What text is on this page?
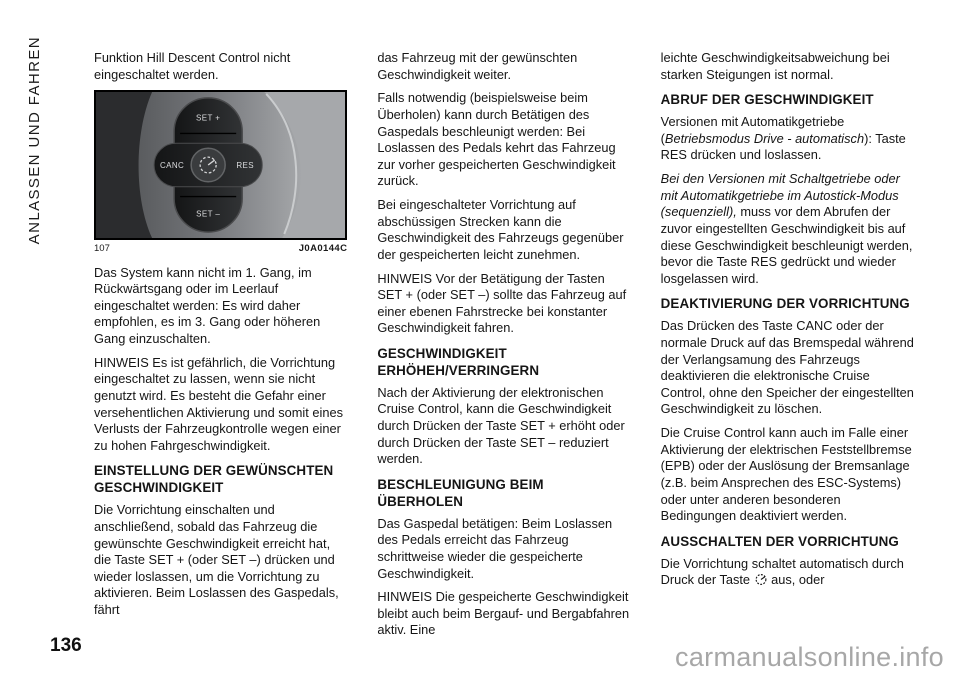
ANLASSEN UND FAHREN	Funktion Hill Descent Control nicht eingeschaltet werden.

SET +
CANC	RES
SET –
107	J0A0144C

Das System kann nicht im 1. Gang, im Rückwärtsgang oder im Leerlauf eingeschaltet werden: Es wird daher empfohlen, es im 3. Gang oder höheren Gang einzuschalten.

HINWEIS Es ist gefährlich, die Vorrichtung eingeschaltet zu lassen, wenn sie nicht genutzt wird. Es besteht die Gefahr einer versehentlichen Aktivierung und somit eines Verlusts der Fahrzeugkontrolle wegen einer zu hohen Fahrgeschwindigkeit.

EINSTELLUNG DER GEWÜNSCHTEN GESCHWINDIGKEIT

Die Vorrichtung einschalten und anschließend, sobald das Fahrzeug die gewünschte Geschwindigkeit erreicht hat, die Taste SET + (oder SET –) drücken und wieder loslassen, um die Vorrichtung zu aktivieren. Beim Loslassen des Gaspedals, fährt

das Fahrzeug mit der gewünschten Geschwindigkeit weiter.

Falls notwendig (beispielsweise beim Überholen) kann durch Betätigen des Gaspedals beschleunigt werden: Bei Loslassen des Pedals kehrt das Fahrzeug zur vorher gespeicherten Geschwindigkeit zurück.

Bei eingeschalteter Vorrichtung auf abschüssigen Strecken kann die Geschwindigkeit des Fahrzeugs gegenüber der gespeicherten leicht zunehmen.

HINWEIS Vor der Betätigung der Tasten SET + (oder SET –) sollte das Fahrzeug auf einer ebenen Fahrstrecke bei konstanter Geschwindigkeit fahren.

GESCHWINDIGKEIT ERHÖHEH/VERRINGERN

Nach der Aktivierung der elektronischen Cruise Control, kann die Geschwindigkeit durch Drücken der Taste SET + erhöht oder durch Drücken der Taste SET – reduziert werden.

BESCHLEUNIGUNG BEIM ÜBERHOLEN

Das Gaspedal betätigen: Beim Loslassen des Pedals erreicht das Fahrzeug schrittweise wieder die gespeicherte Geschwindigkeit.

HINWEIS Die gespeicherte Geschwindigkeit bleibt auch beim Bergauf- und Bergabfahren aktiv. Eine

leichte Geschwindigkeitsabweichung bei starken Steigungen ist normal.

ABRUF DER GESCHWINDIGKEIT

Versionen mit Automatikgetriebe (Betriebsmodus Drive - automatisch): Taste RES drücken und loslassen.

Bei den Versionen mit Schaltgetriebe oder mit Automatikgetriebe im Autostick-Modus (sequenziell), muss vor dem Abrufen der zuvor eingestellten Geschwindigkeit bis auf diese Geschwindigkeit beschleunigt werden, bevor die Taste RES gedrückt und wieder losgelassen wird.

DEAKTIVIERUNG DER VORRICHTUNG

Das Drücken des Taste CANC oder der normale Druck auf das Bremspedal während der Verlangsamung des Fahrzeugs deaktivieren die elektronische Cruise Control, ohne den Speicher der eingestellten Geschwindigkeit zu löschen.

Die Cruise Control kann auch im Falle einer Aktivierung der elektrischen Feststellbremse (EPB) oder der Auslösung der Bremsanlage (z.B. beim Ansprechen des ESC-Systems) oder unter anderen besonderen Bedingungen deaktiviert werden.

AUSSCHALTEN DER VORRICHTUNG

Die Vorrichtung schaltet automatisch durch Druck der Taste
aus, oder

136	carmanualsonline.info
